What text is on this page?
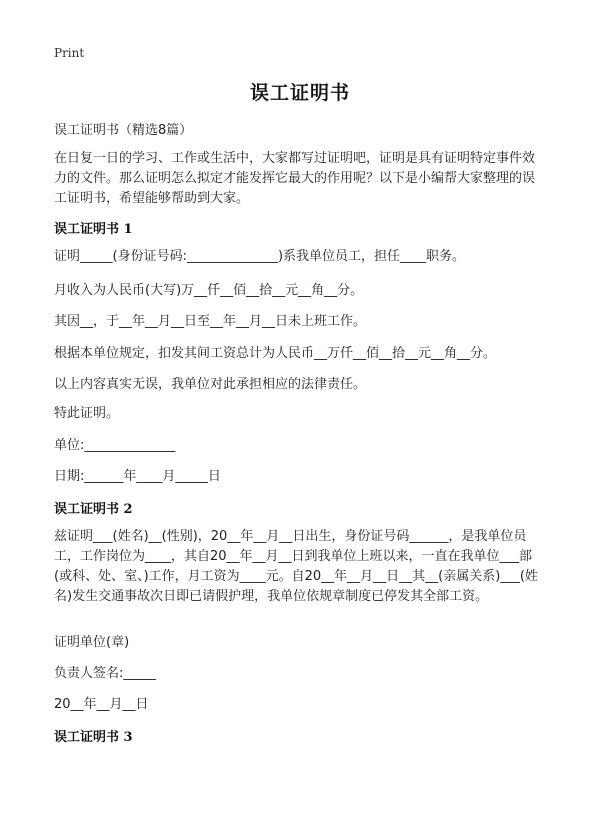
Print
误工证明书
误工证明书（精选8篇）
在日复一日的学习、工作或生活中，大家都写过证明吧，证明是具有证明特定事件效力的文件。那么证明怎么拟定才能发挥它最大的作用呢？以下是小编帮大家整理的误工证明书，希望能够帮助到大家。
误工证明书 1
证明_____(身份证号码:______________)系我单位员工，担任____职务。
月收入为人民币(大写)万__仟__佰__拾__元__角__分。
其因__，于__年__月__日至__年__月__日未上班工作。
根据本单位规定，扣发其间工资总计为人民币__万仟__佰__拾__元__角__分。
以上内容真实无误，我单位对此承担相应的法律责任。
特此证明。
单位:______________
日期:______年____月_____日
误工证明书 2
兹证明___(姓名)__(性别)，20__年__月__日出生，身份证号码______，是我单位员工，工作岗位为____，其自20__年__月__日到我单位上班以来，一直在我单位___部(或科、处、室、)工作，月工资为____元。自20__年__月__日__其__(亲属关系)___(姓名)发生交通事故次日即已请假护理，我单位依规章制度已停发其全部工资。
证明单位(章)
负责人签名:_____
20__年__月__日
误工证明书 3
